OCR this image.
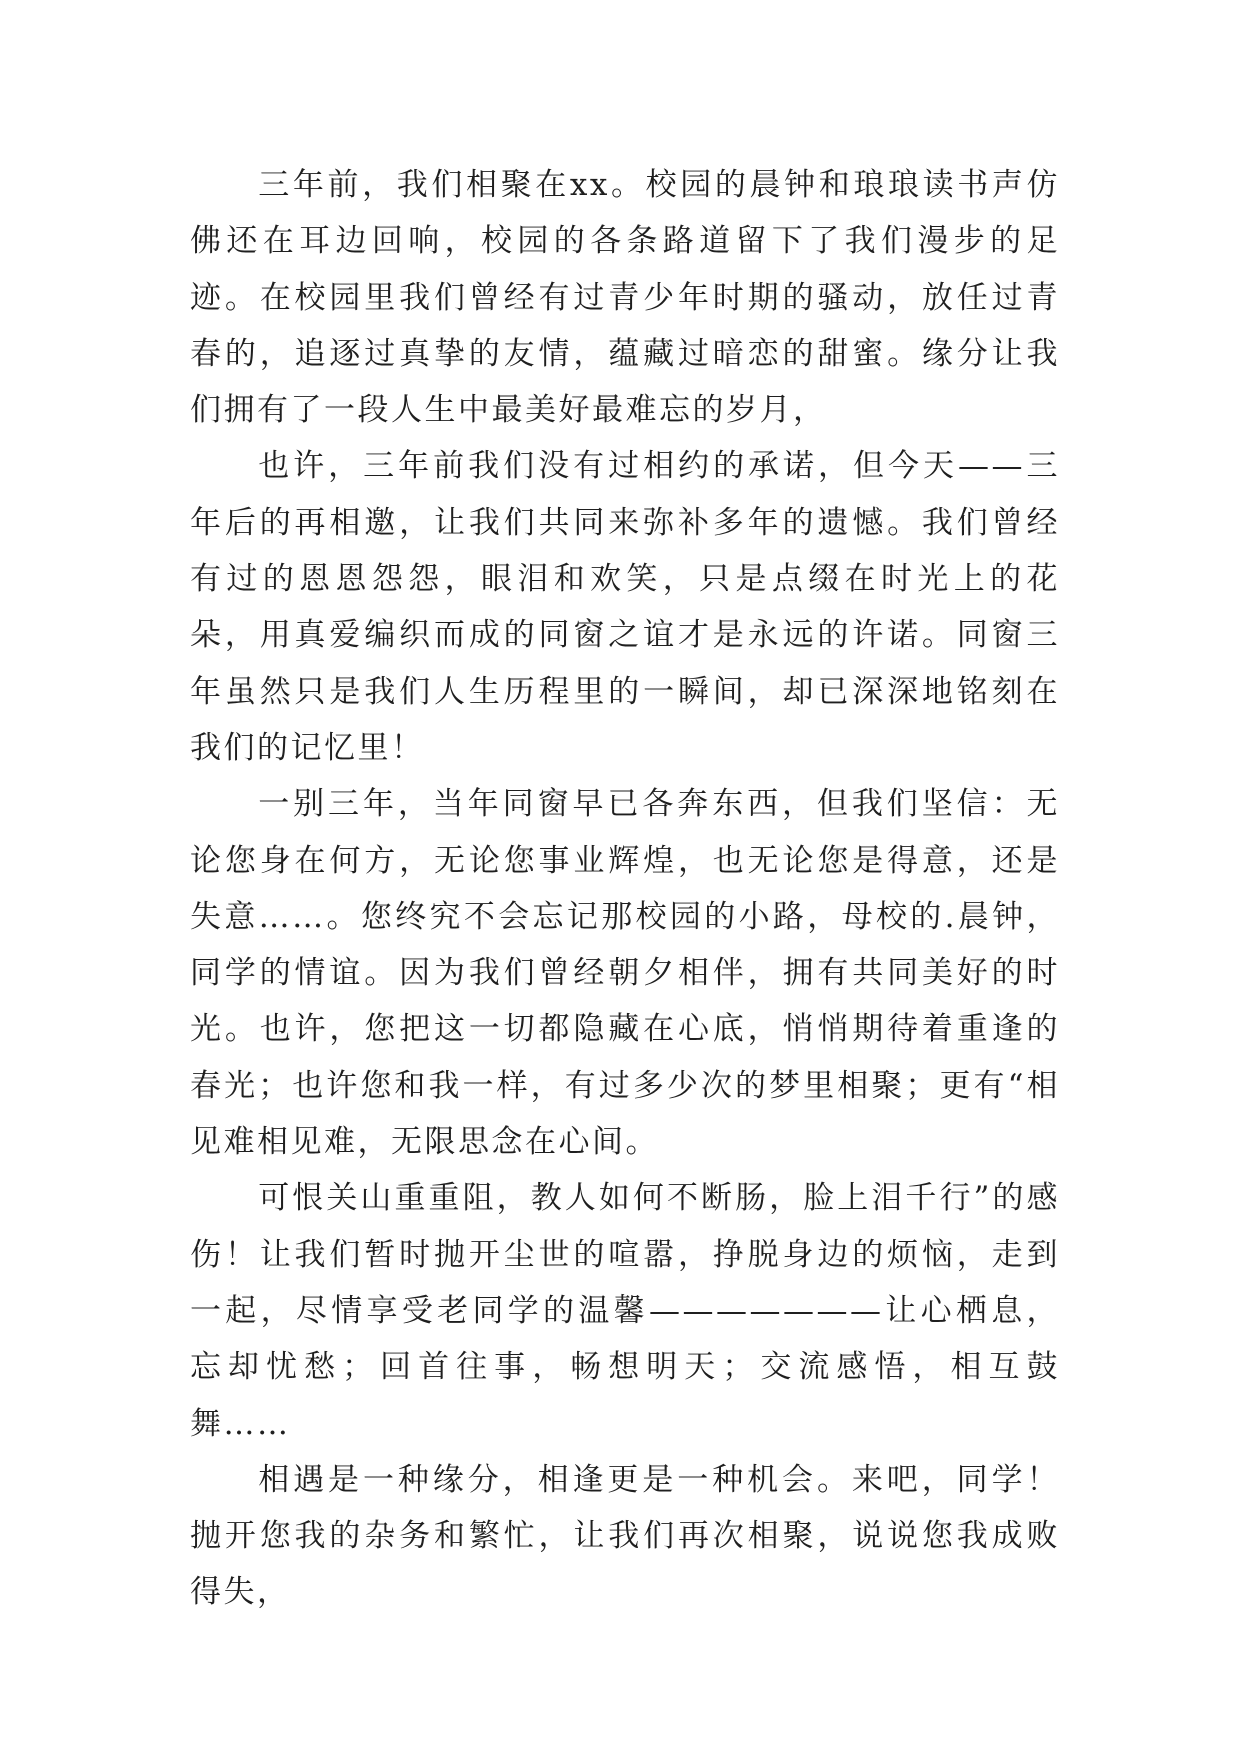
三年前，我们相聚在xx。校园的晨钟和琅琅读书声仿佛还在耳边回响，校园的各条路道留下了我们漫步的足迹。在校园里我们曾经有过青少年时期的骚动，放任过青春的，追逐过真挚的友情，蕴藏过暗恋的甜蜜。缘分让我们拥有了一段人生中最美好最难忘的岁月，

也许，三年前我们没有过相约的承诺，但今天——三年后的再相邀，让我们共同来弥补多年的遗憾。我们曾经有过的恩恩怨怨，眼泪和欢笑，只是点缀在时光上的花朵，用真爱编织而成的同窗之谊才是永远的许诺。同窗三年虽然只是我们人生历程里的一瞬间，却已深深地铭刻在我们的记忆里！

一别三年，当年同窗早已各奔东西，但我们坚信：无论您身在何方，无论您事业辉煌，也无论您是得意，还是失意……。您终究不会忘记那校园的小路，母校的.晨钟，同学的情谊。因为我们曾经朝夕相伴，拥有共同美好的时光。也许，您把这一切都隐藏在心底，悄悄期待着重逢的春光；也许您和我一样，有过多少次的梦里相聚；更有“相见难相见难，无限思念在心间。

可恨关山重重阻，教人如何不断肠，脸上泪千行”的感伤！让我们暂时抛开尘世的喧嚣，挣脱身边的烦恼，走到一起，尽情享受老同学的温馨———————让心栖息，忘却忧愁；回首往事，畅想明天；交流感悟，相互鼓舞……

相遇是一种缘分，相逢更是一种机会。来吧，同学！抛开您我的杂务和繁忙，让我们再次相聚，说说您我成败得失，
